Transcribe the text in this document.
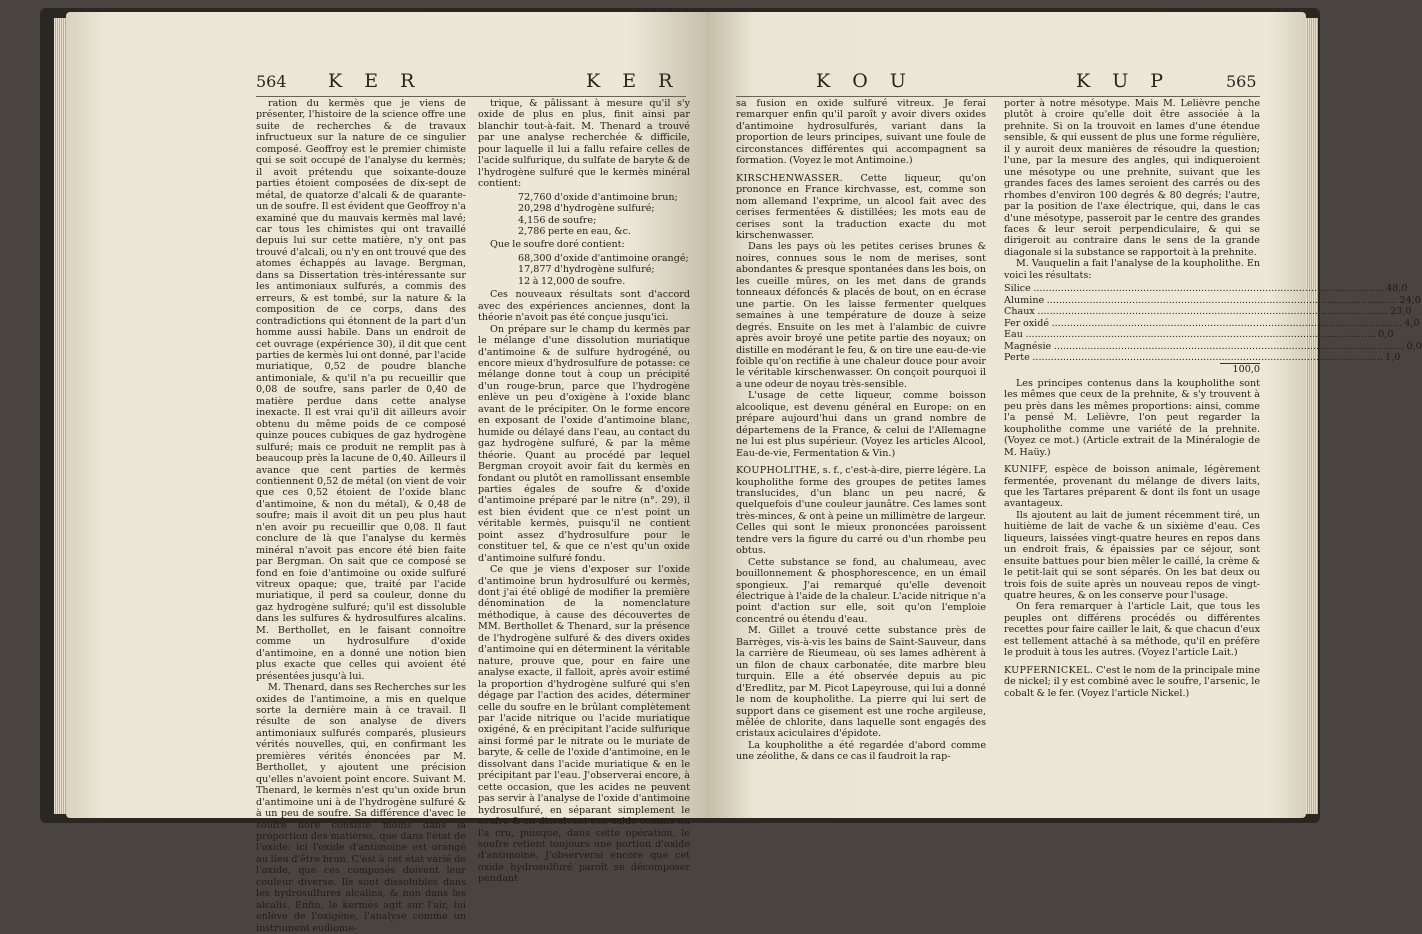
564 K E R	K E R

ration du kermès que je viens de présenter, l'histoire de la science offre une suite de recherches & de travaux infructueux sur la nature de ce singulier composé. Geoffroy est le premier chimiste qui se soit occupé de l'analyse du kermès; il avoit prétendu que soixante-douze parties étoient composées de dix-sept de métal, de quatorze d'alcali & de quarante-un de soufre. Il est évident que Geoffroy n'a examiné que du mauvais kermès mal lavé; car tous les chimistes qui ont travaillé depuis lui sur cette matière, n'y ont pas trouvé d'alcali, ou n'y en ont trouvé que des atomes échappés au lavage. Bergman, dans sa Dissertation très-intéressante sur les antimoniaux sulfurés, a commis des erreurs, & est tombé, sur la nature & la composition de ce corps, dans des contradictions qui étonnent de la part d'un homme aussi habile. Dans un endroit de cet ouvrage (expérience 30), il dit que cent parties de kermès lui ont donné, par l'acide muriatique, 0,52 de poudre blanche antimoniale, & qu'il n'a pu recueillir que 0,08 de soufre, sans parler de 0,40 de matière perdue dans cette analyse inexacte. Il est vrai qu'il dit ailleurs avoir obtenu du même poids de ce composé quinze pouces cubiques de gaz hydrogène sulfuré; mais ce produit ne remplit pas à beaucoup près la lacune de 0,40. Ailleurs il avance que cent parties de kermès contiennent 0,52 de métal (on vient de voir que ces 0,52 étoient de l'oxide blanc d'antimoine, & non du métal), & 0,48 de soufre; mais il avoit dit un peu plus haut n'en avoir pu recueillir que 0,08. Il faut conclure de là que l'analyse du kermès minéral n'avoit pas encore été bien faite par Bergman. On sait que ce composé se fond en foie d'antimoine ou oxide sulfuré vitreux opaque; que, traité par l'acide muriatique, il perd sa couleur, donne du gaz hydrogène sulfuré; qu'il est dissoluble dans les sulfures & hydrosulfures alcalins. M. Berthollet, en le faisant connoître comme un hydrosulfure d'oxide d'antimoine, en a donné une notion bien plus exacte que celles qui avoient été présentées jusqu'à lui.

M. Thenard, dans ses Recherches sur les oxides de l'antimoine, a mis en quelque sorte la dernière main à ce travail. Il résulte de son analyse de divers antimoniaux sulfurés comparés, plusieurs vérités nouvelles, qui, en confirmant les premières vérités énoncées par M. Berthollet, y ajoutent une précision qu'elles n'avoient point encore. Suivant M. Thenard, le kermès n'est qu'un oxide brun d'antimoine uni à de l'hydrogène sulfuré & à un peu de soufre. Sa différence d'avec le soufre doré consiste moins dans la proportion des matières, que dans l'état de l'oxide: ici l'oxide d'antimoine est orangé au lieu d'être brun. C'est à cet état varié de l'oxide, que ces composés doivent leur couleur diverse. Ils sont dissolubles dans les hydrosulfures alcalins, & non dans les alcalis. Enfin, le kermès agit sur l'air, lui enlève de l'oxigène, l'analyse comme un instrument eudiome-

trique, & pâlissant à mesure qu'il s'y oxide de plus en plus, finit ainsi par blanchir tout-à-fait. M. Thenard a trouvé par une analyse recherchée & difficile, pour laquelle il lui a fallu refaire celles de l'acide sulfurique, du sulfate de baryte & de l'hydrogène sulfuré que le kermès minéral contient:

72,760 d'oxide d'antimoine brun;
20,298 d'hydrogène sulfuré;
4,156 de soufre;
2,786 perte en eau, &c.

Que le soufre doré contient:

68,300 d'oxide d'antimoine orangé;
17,877 d'hydrogène sulfuré;
12 à 12,000 de soufre.

Ces nouveaux résultats sont d'accord avec des expériences anciennes, dont la théorie n'avoit pas été conçue jusqu'ici.

On prépare sur le champ du kermès par le mélange d'une dissolution muriatique d'antimoine & de sulfure hydrogéné, ou encore mieux d'hydrosulfure de potasse: ce mélange donne tout à coup un précipité d'un rouge-brun, parce que l'hydrogène enlève un peu d'oxigène à l'oxide blanc avant de le précipiter. On le forme encore en exposant de l'oxide d'antimoine blanc, humide ou délayé dans l'eau, au contact du gaz hydrogène sulfuré, & par la même théorie. Quant au procédé par lequel Bergman croyoit avoir fait du kermès en fondant ou plutôt en ramollissant ensemble parties égales de soufre & d'oxide d'antimoine préparé par le nitre (n°. 29), il est bien évident que ce n'est point un véritable kermès, puisqu'il ne contient point assez d'hydrosulfure pour le constituer tel, & que ce n'est qu'un oxide d'antimoine sulfuré fondu.

Ce que je viens d'exposer sur l'oxide d'antimoine brun hydrosulfuré ou kermès, dont j'ai été obligé de modifier la première dénomination de la nomenclature méthodique, à cause des découvertes de MM. Berthollet & Thenard, sur la présence de l'hydrogène sulfuré & des divers oxides d'antimoine qui en déterminent la véritable nature, prouve que, pour en faire une analyse exacte, il falloit, après avoir estimé la proportion d'hydrogène sulfuré qui s'en dégage par l'action des acides, déterminer celle du soufre en le brûlant complètement par l'acide nitrique ou l'acide muriatique oxigéné, & en précipitant l'acide sulfurique ainsi formé par le nitrate ou le muriate de baryte, & celle de l'oxide d'antimoine, en le dissolvant dans l'acide muriatique & en le précipitant par l'eau. J'observerai encore, à cette occasion, que les acides ne peuvent pas servir à l'analyse de l'oxide d'antimoine hydrosulfuré, en séparant simplement le soufre & en dissolvant son oxide comme on l'a cru, puisque, dans cette opération, le soufre retient toujours une portion d'oxide d'antimoine. J'observerai encore que cet oxide hydrosulfuré paroît se décomposer pendant

K O U	K U P	565

sa fusion en oxide sulfuré vitreux. Je ferai remarquer enfin qu'il paroît y avoir divers oxides d'antimoine hydrosulfurés, variant dans la proportion de leurs principes, suivant une foule de circonstances différentes qui accompagnent sa formation. (Voyez le mot Antimoine.)

KIRSCHENWASSER. Cette liqueur, qu'on prononce en France kirchvasse, est, comme son nom allemand l'exprime, un alcool fait avec des cerises fermentées & distillées; les mots eau de cerises sont la traduction exacte du mot kirschenwasser.

Dans les pays où les petites cerises brunes & noires, connues sous le nom de merises, sont abondantes & presque spontanées dans les bois, on les cueille mûres, on les met dans de grands tonneaux défoncés & placés de bout, on en écrase une partie. On les laisse fermenter quelques semaines à une température de douze à seize degrés. Ensuite on les met à l'alambic de cuivre après avoir broyé une petite partie des noyaux; on distille en modérant le feu, & on tire une eau-de-vie foible qu'on rectifie à une chaleur douce pour avoir le véritable kirschenwasser. On conçoit pourquoi il a une odeur de noyau très-sensible.

L'usage de cette liqueur, comme boisson alcoolique, est devenu général en Europe: on en prépare aujourd'hui dans un grand nombre de départemens de la France, & celui de l'Allemagne ne lui est plus supérieur. (Voyez les articles Alcool, Eau-de-vie, Fermentation & Vin.)

KOUPHOLITHE, s. f., c'est-à-dire, pierre légère. La koupholithe forme des groupes de petites lames translucides, d'un blanc un peu nacré, & quelquefois d'une couleur jaunâtre. Ces lames sont très-minces, & ont à peine un millimètre de largeur. Celles qui sont le mieux prononcées paroissent tendre vers la figure du carré ou d'un rhombe peu obtus.

Cette substance se fond, au chalumeau, avec bouillonnement & phosphorescence, en un émail spongieux. J'ai remarqué qu'elle devenoit électrique à l'aide de la chaleur. L'acide nitrique n'a point d'action sur elle, soit qu'on l'emploie concentré ou étendu d'eau.

M. Gillet a trouvé cette substance près de Barrèges, vis-à-vis les bains de Saint-Sauveur, dans la carrière de Rieumeau, où ses lames adhèrent à un filon de chaux carbonatée, dite marbre bleu turquin. Elle a été observée depuis au pic d'Eredlitz, par M. Picot Lapeyrouse, qui lui a donné le nom de koupholithe. La pierre qui lui sert de support dans ce gisement est une roche argileuse, mêlée de chlorite, dans laquelle sont engagés des cristaux aciculaires d'épidote.

La koupholithe a été regardée d'abord comme une zéolithe, & dans ce cas il faudroit la rap-

porter à notre mésotype. Mais M. Lelièvre penche plutôt à croire qu'elle doit être associée à la prehnite. Si on la trouvoit en lames d'une étendue sensible, & qui eussent de plus une forme régulière, il y auroit deux manières de résoudre la question; l'une, par la mesure des angles, qui indiqueroient une mésotype ou une prehnite, suivant que les grandes faces des lames seroient des carrés ou des rhombes d'environ 100 degrés & 80 degrés; l'autre, par la position de l'axe électrique, qui, dans le cas d'une mésotype, passeroit par le centre des grandes faces & leur seroit perpendiculaire, & qui se dirigeroit au contraire dans le sens de la grande diagonale si la substance se rapportoit à la prehnite.

M. Vauquelin a fait l'analyse de la koupholithe. En voici les résultats:

Silice .....	48,0
Alumine .....	24,0
Chaux .....	23,0
Fer oxidé .....	4,0
Eau .....	0,0
Magnésie .....	0,0
Perte .....	1,0
100,0

Les principes contenus dans la koupholithe sont les mêmes que ceux de la prehnite, & s'y trouvent à peu près dans les mêmes proportions: ainsi, comme l'a pensé M. Lelièvre, l'on peut regarder la koupholithe comme une variété de la prehnite. (Voyez ce mot.) (Article extrait de la Minéralogie de M. Haüy.)

KUNIFF, espèce de boisson animale, légèrement fermentée, provenant du mélange de divers laits, que les Tartares préparent & dont ils font un usage avantageux.

Ils ajoutent au lait de jument récemment tiré, un huitième de lait de vache & un sixième d'eau. Ces liqueurs, laissées vingt-quatre heures en repos dans un endroit frais, & épaissies par ce séjour, sont ensuite battues pour bien mêler le caillé, la crème & le petit-lait qui se sont séparés. On les bat deux ou trois fois de suite après un nouveau repos de vingt-quatre heures, & on les conserve pour l'usage.

On fera remarquer à l'article Lait, que tous les peuples ont différens procédés ou différentes recettes pour faire cailler le lait, & que chacun d'eux est tellement attaché à sa méthode, qu'il en préfère le produit à tous les autres. (Voyez l'article Lait.)

KUPFERNICKEL. C'est le nom de la principale mine de nickel; il y est combiné avec le soufre, l'arsenic, le cobalt & le fer. (Voyez l'article Nickel.)
